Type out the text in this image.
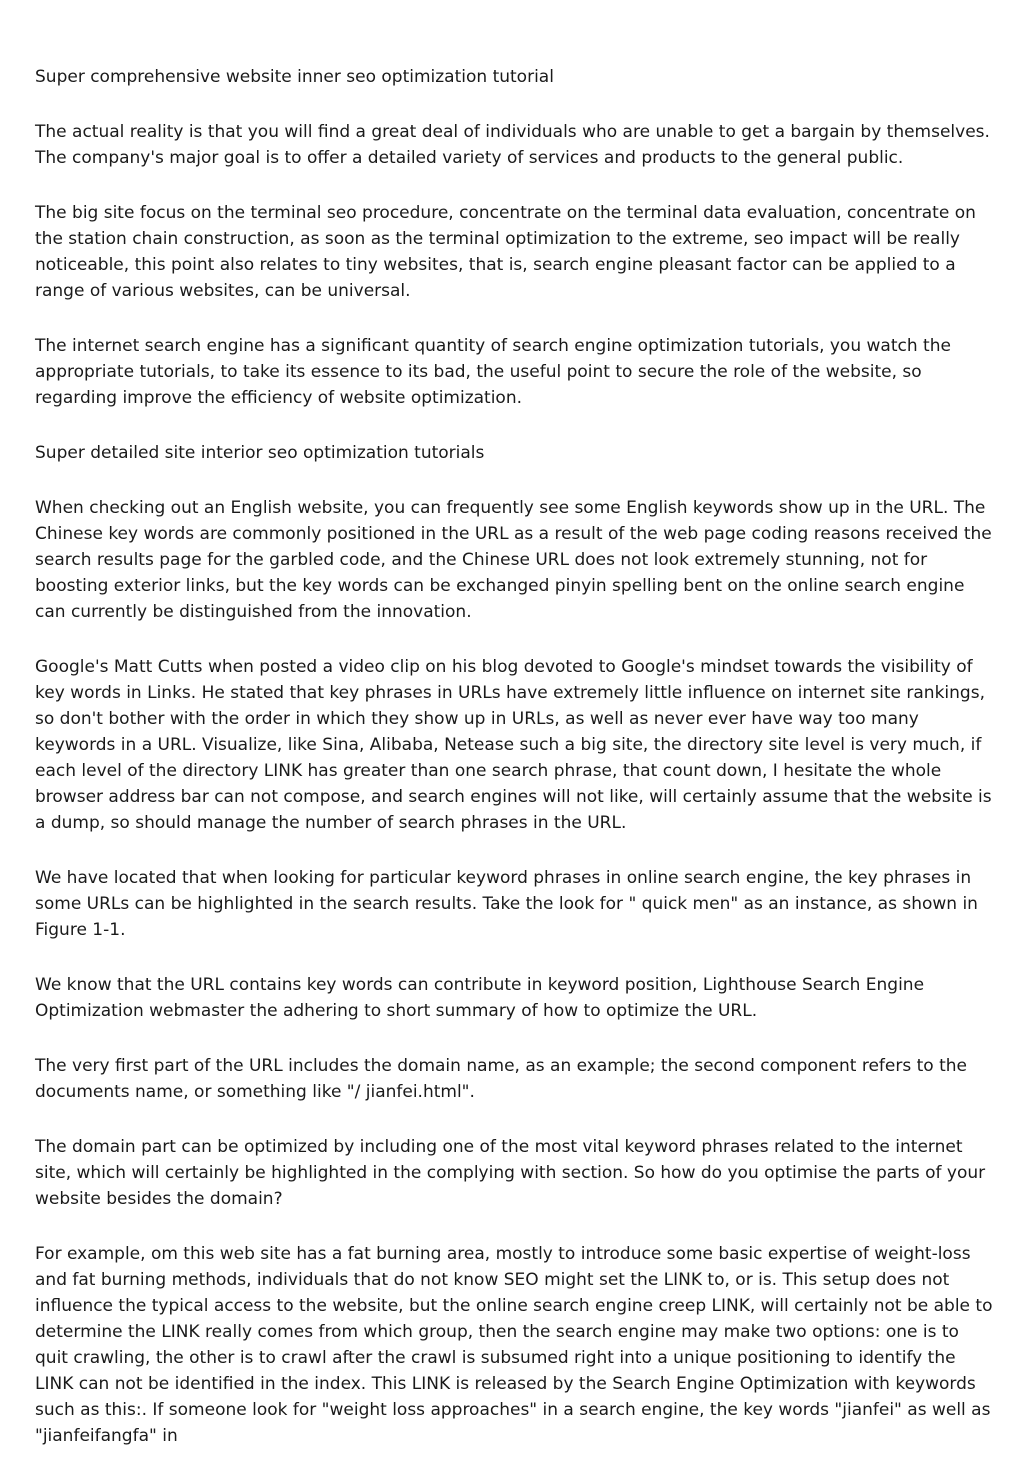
Super comprehensive website inner seo optimization tutorial

The actual reality is that you will find a great deal of individuals who are unable to get a bargain by themselves. The company's major goal is to offer a detailed variety of services and products to the general public.

The big site focus on the terminal seo procedure, concentrate on the terminal data evaluation, concentrate on the station chain construction, as soon as the terminal optimization to the extreme, seo impact will be really noticeable, this point also relates to tiny websites, that is, search engine pleasant factor can be applied to a range of various websites, can be universal.

The internet search engine has a significant quantity of search engine optimization tutorials, you watch the appropriate tutorials, to take its essence to its bad, the useful point to secure the role of the website, so regarding improve the efficiency of website optimization.

Super detailed site interior seo optimization tutorials

When checking out an English website, you can frequently see some English keywords show up in the URL. The Chinese key words are commonly positioned in the URL as a result of the web page coding reasons received the search results page for the garbled code, and the Chinese URL does not look extremely stunning, not for boosting exterior links, but the key words can be exchanged pinyin spelling bent on the online search engine can currently be distinguished from the innovation.

Google's Matt Cutts when posted a video clip on his blog devoted to Google's mindset towards the visibility of key words in Links. He stated that key phrases in URLs have extremely little influence on internet site rankings, so don't bother with the order in which they show up in URLs, as well as never ever have way too many keywords in a URL. Visualize, like Sina, Alibaba, Netease such a big site, the directory site level is very much, if each level of the directory LINK has greater than one search phrase, that count down, I hesitate the whole browser address bar can not compose, and search engines will not like, will certainly assume that the website is a dump, so should manage the number of search phrases in the URL.

We have located that when looking for particular keyword phrases in online search engine, the key phrases in some URLs can be highlighted in the search results. Take the look for " quick men" as an instance, as shown in Figure 1-1.

We know that the URL contains key words can contribute in keyword position, Lighthouse Search Engine Optimization webmaster the adhering to short summary of how to optimize the URL.

The very first part of the URL includes the domain name, as an example; the second component refers to the documents name, or something like "/ jianfei.html".

The domain part can be optimized by including one of the most vital keyword phrases related to the internet site, which will certainly be highlighted in the complying with section. So how do you optimise the parts of your website besides the domain?

For example, om this web site has a fat burning area, mostly to introduce some basic expertise of weight-loss and fat burning methods, individuals that do not know SEO might set the LINK to, or is. This setup does not influence the typical access to the website, but the online search engine creep LINK, will certainly not be able to determine the LINK really comes from which group, then the search engine may make two options: one is to quit crawling, the other is to crawl after the crawl is subsumed right into a unique positioning to identify the LINK can not be identified in the index. This LINK is released by the Search Engine Optimization with keywords such as this:. If someone look for "weight loss approaches" in a search engine, the key words "jianfei" as well as "jianfeifangfa" in
